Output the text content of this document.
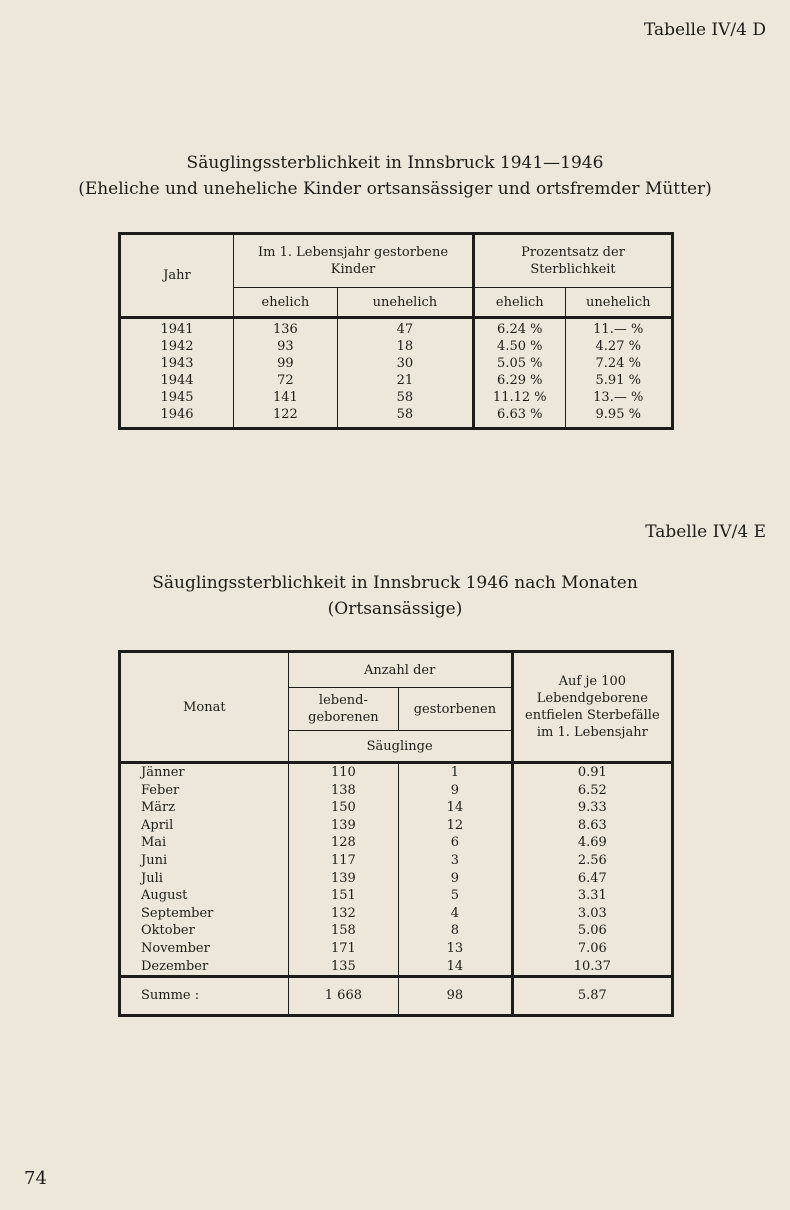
Tabelle IV/4 D
Säuglingssterblichkeit in Innsbruck 1941—1946
(Eheliche und uneheliche Kinder ortsansässiger und ortsfremder Mütter)
Jahr	Im 1. Lebensjahr gestorbene Kinder		Prozentsatz der Sterblichkeit	
	ehelich	unehelich	ehelich	unehelich
1941	136	47	6.24 %	11.— %
1942	93	18	4.50 %	4.27 %
1943	99	30	5.05 %	7.24 %
1944	72	21	6.29 %	5.91 %
1945	141	58	11.12 %	13.— %
1946	122	58	6.63 %	9.95 %
Tabelle IV/4 E
Säuglingssterblichkeit in Innsbruck 1946 nach Monaten
(Ortsansässige)
Monat	Anzahl der		Auf je 100 Lebendgeborene entfielen Sterbefälle im 1. Lebensjahr
	lebend-geborenen	gestorbenen	
	Säuglinge		
Jänner	110	1	0.91
Feber	138	9	6.52
März	150	14	9.33
April	139	12	8.63
Mai	128	6	4.69
Juni	117	3	2.56
Juli	139	9	6.47
August	151	5	3.31
September	132	4	3.03
Oktober	158	8	5.06
November	171	13	7.06
Dezember	135	14	10.37
Summe :	1 668	98	5.87
74
